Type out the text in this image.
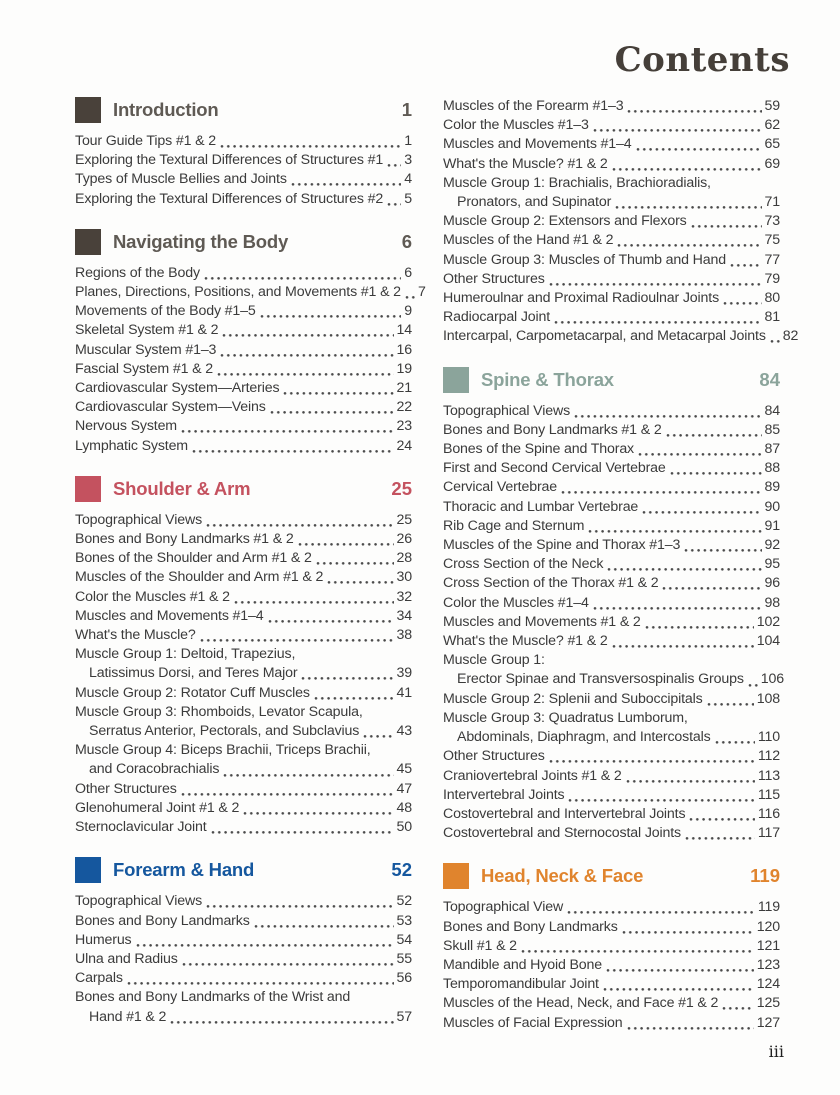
Contents
Introduction	1
Tour Guide Tips #1 & 2	1
Exploring the Textural Differences of Structures #1 3
Types of Muscle Bellies and Joints	4
Exploring the Textural Differences of Structures #2 5
Navigating the Body	6
Regions of the Body	6
Planes, Directions, Positions, and Movements #1 & 2 7
Movements of the Body #1–5	9
Skeletal System #1 & 2	14
Muscular System #1–3	16
Fascial System #1 & 2	19
Cardiovascular System—Arteries	21
Cardiovascular System—Veins	22
Nervous System	23
Lymphatic System	24
Shoulder & Arm	25
Topographical Views	25
Bones and Bony Landmarks #1 & 2	26
Bones of the Shoulder and Arm #1 & 2	28
Muscles of the Shoulder and Arm #1 & 2	30
Color the Muscles #1 & 2	32
Muscles and Movements #1–4	34
What's the Muscle?	38
Muscle Group 1: Deltoid, Trapezius,
Latissimus Dorsi, and Teres Major	39
Muscle Group 2: Rotator Cuff Muscles	41
Muscle Group 3: Rhomboids, Levator Scapula,
Serratus Anterior, Pectorals, and Subclavius	43
Muscle Group 4: Biceps Brachii, Triceps Brachii,
and Coracobrachialis	45
Other Structures	47
Glenohumeral Joint #1 & 2	48
Sternoclavicular Joint	50
Forearm & Hand	52
Topographical Views	52
Bones and Bony Landmarks	53
Humerus	54
Ulna and Radius	55
Carpals	56
Bones and Bony Landmarks of the Wrist and
Hand #1 & 2	57
Muscles of the Forearm #1–3	59
Color the Muscles #1–3	62
Muscles and Movements #1–4	65
What's the Muscle? #1 & 2	69
Muscle Group 1: Brachialis, Brachioradialis,
Pronators, and Supinator	71
Muscle Group 2: Extensors and Flexors	73
Muscles of the Hand #1 & 2	75
Muscle Group 3: Muscles of Thumb and Hand	77
Other Structures	79
Humeroulnar and Proximal Radioulnar Joints	80
Radiocarpal Joint	81
Intercarpal, Carpometacarpal, and Metacarpal Joints 82
Spine & Thorax	84
Topographical Views	84
Bones and Bony Landmarks #1 & 2	85
Bones of the Spine and Thorax	87
First and Second Cervical Vertebrae	88
Cervical Vertebrae	89
Thoracic and Lumbar Vertebrae	90
Rib Cage and Sternum	91
Muscles of the Spine and Thorax #1–3	92
Cross Section of the Neck	95
Cross Section of the Thorax #1 & 2	96
Color the Muscles #1–4	98
Muscles and Movements #1 & 2	102
What's the Muscle? #1 & 2	104
Muscle Group 1:
Erector Spinae and Transversospinalis Groups 106
Muscle Group 2: Splenii and Suboccipitals	108
Muscle Group 3: Quadratus Lumborum,
Abdominals, Diaphragm, and Intercostals	110
Other Structures	112
Craniovertebral Joints #1 & 2	113
Intervertebral Joints	115
Costovertebral and Intervertebral Joints	116
Costovertebral and Sternocostal Joints	117
Head, Neck & Face	119
Topographical View	119
Bones and Bony Landmarks	120
Skull #1 & 2	121
Mandible and Hyoid Bone	123
Temporomandibular Joint	124
Muscles of the Head, Neck, and Face #1 & 2	125
Muscles of Facial Expression	127
iii
